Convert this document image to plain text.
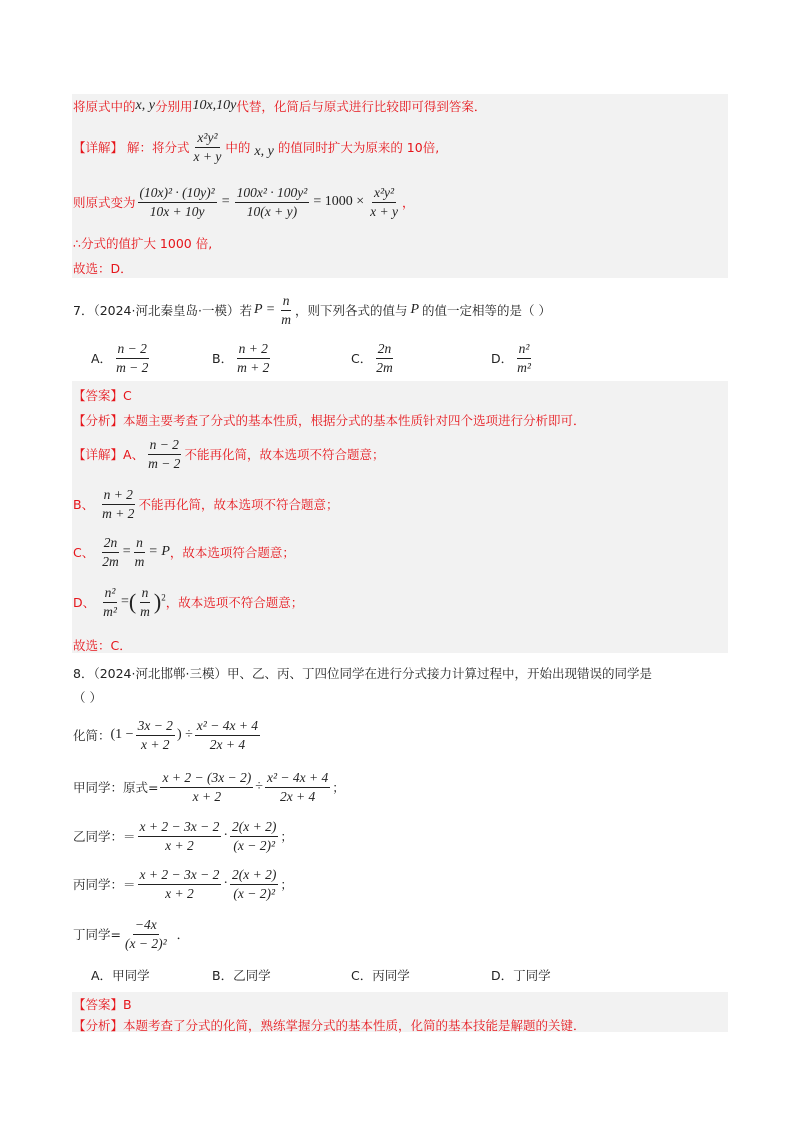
将原式中的 x, y 分别用 10x,10y 代替，化简后与原式进行比较即可得到答案．
【详解】 解：将分式 $\frac{\text{x²y²}}{x + y}$ 中的 x, y 的值同时扩大为原来的 10倍,
则原式变为 $\frac{\text{(10x)² · (10y)²}}{10x + 10y} = \frac{\text{100x² · 100y²}}{10(x + y)} = 1000 \times \frac{\text{x²y²}}{x + y}$ ，
∴分式的值扩大 1000 倍,
故选：D．
7．（2024·河北秦皇岛·一模）若 $P = \frac{n}{m}$ ，则下列各式的值与 P 的值一定相等的是（ ）
A． $\frac{n - 2}{m - 2}$	B． $\frac{n + 2}{m + 2}$	C． $\frac{2n}{2m}$	D． $\frac{\text{n²}}{\text{m²}}$
【答案】C
【分析】本题主要考查了分式的基本性质，根据分式的基本性质针对四个选项进行分析即可．
【详解】 A、 $\frac{n - 2}{m - 2}$ 不能再化简，故本选项不符合题意；
B、 $\frac{n + 2}{m + 2}$ 不能再化简，故本选项不符合题意；
C、 $\frac{2n}{2m} = \frac{n}{m} = P$ ，故本选项符合题意；
D、 $\frac{\text{n²}}{\text{m²}}$ = ( $\frac{n}{m} )^2$ ，故本选项不符合题意；
故选：C．
8．（2024·河北邯郸·三模）甲、乙、丙、丁四位同学在进行分式接力计算过程中，开始出现错误的同学是
（ ）
化简： ($1 - \frac{3x - 2}{x + 2}$ ) ÷ $\frac{\text{x² − 4x + 4}}{2x + 4}$
甲同学：原式= $\frac{x + 2 - (3x - 2)}{x + 2} \div \frac{\text{x² − 4x + 4}}{2x + 4}$ ；
乙同学：＝ $\frac{x + 2 - 3x - 2}{x + 2} \cdot \frac{2(x + 2)}{\text{(x − 2)²}}$ ；
丙同学：＝ $\frac{x + 2 - 3x - 2}{x + 2} \cdot \frac{2(x + 2)}{\text{(x − 2)²}}$ ；
丁同学= $\frac{-4x}{\text{(x − 2)²}}$ ．
A． 甲同学	B． 乙同学	C． 丙同学	D． 丁同学
【答案】B
【分析】本题考查了分式的化简，熟练掌握分式的基本性质，化简的基本技能是解题的关键．
